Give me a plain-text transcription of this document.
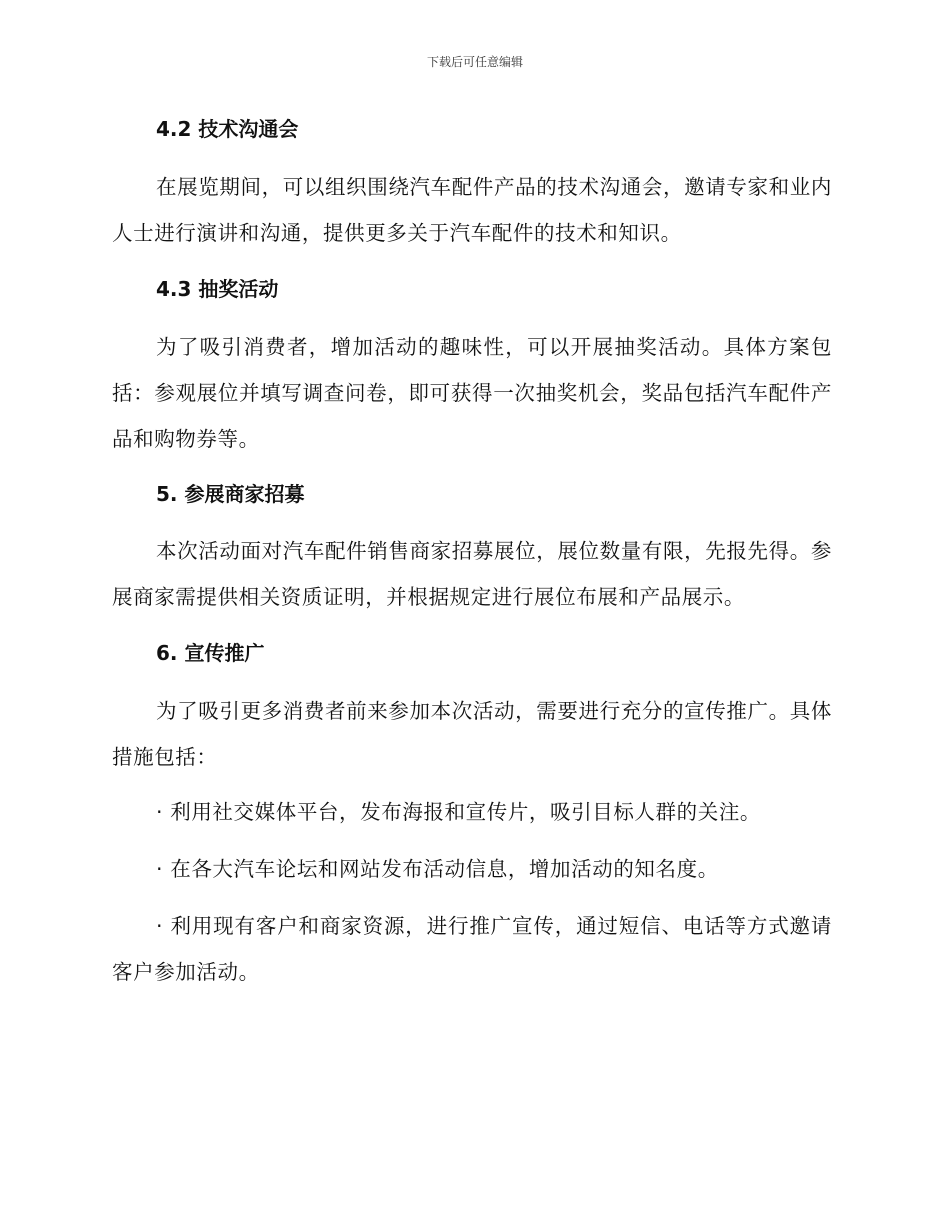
下载后可任意编辑
4.2 技术沟通会
在展览期间，可以组织围绕汽车配件产品的技术沟通会，邀请专家和业内人士进行演讲和沟通，提供更多关于汽车配件的技术和知识。
4.3 抽奖活动
为了吸引消费者，增加活动的趣味性，可以开展抽奖活动。具体方案包括：参观展位并填写调查问卷，即可获得一次抽奖机会，奖品包括汽车配件产品和购物券等。
5. 参展商家招募
本次活动面对汽车配件销售商家招募展位，展位数量有限，先报先得。参展商家需提供相关资质证明，并根据规定进行展位布展和产品展示。
6. 宣传推广
为了吸引更多消费者前来参加本次活动，需要进行充分的宣传推广。具体措施包括：
· 利用社交媒体平台，发布海报和宣传片，吸引目标人群的关注。
· 在各大汽车论坛和网站发布活动信息，增加活动的知名度。
· 利用现有客户和商家资源，进行推广宣传，通过短信、电话等方式邀请客户参加活动。
